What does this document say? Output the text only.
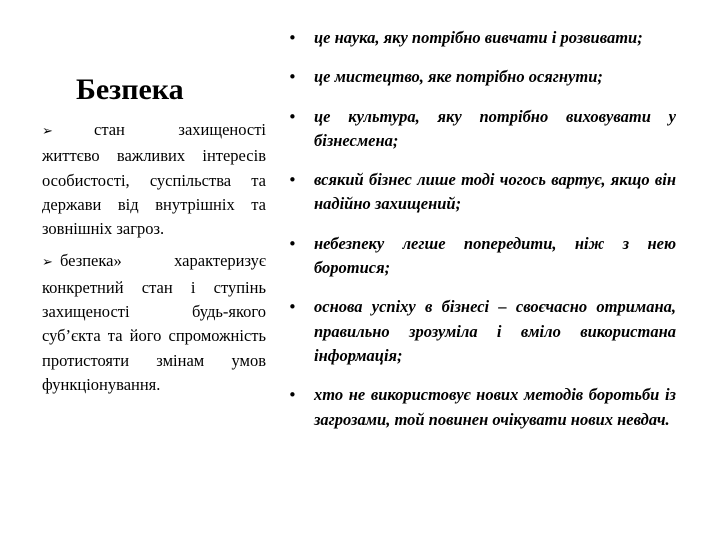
Безпека

➢ стан захищеності життєво важливих інтересів особистості, суспільства та держави від внутрішніх та зовнішніх загроз.

➢ безпека» характеризує конкретний стан і ступінь захищеності будь-якого суб’єкта та його спроможність протистояти змінам умов функціонування.

• це наука, яку потрібно вивчати і розвивати;
• це мистецтво, яке потрібно осягнути;
• це культура, яку потрібно виховувати у бізнесмена;
• всякий бізнес лише тоді чогось вартує, якщо він надійно захищений;
• небезпеку легше попередити, ніж з нею боротися;
• основа успіху в бізнесі – своєчасно отримана, правильно зрозуміла і вміло використана інформація;
• хто не використовує нових методів боротьби із загрозами, той повинен очікувати нових невдач.
